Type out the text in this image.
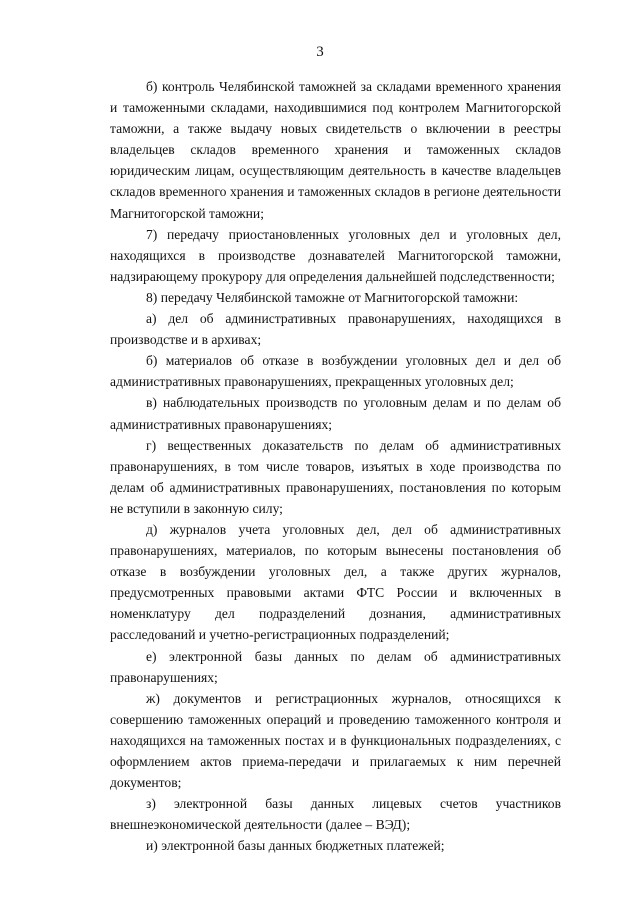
3

б) контроль Челябинской таможней за складами временного хранения и таможенными складами, находившимися под контролем Магнитогорской таможни, а также выдачу новых свидетельств о включении в реестры владельцев складов временного хранения и таможенных складов юридическим лицам, осуществляющим деятельность в качестве владельцев складов временного хранения и таможенных складов в регионе деятельности Магнитогорской таможни;

7) передачу приостановленных уголовных дел и уголовных дел, находящихся в производстве дознавателей Магнитогорской таможни, надзирающему прокурору для определения дальнейшей подследственности;

8) передачу Челябинской таможне от Магнитогорской таможни:

а) дел об административных правонарушениях, находящихся в производстве и в архивах;

б) материалов об отказе в возбуждении уголовных дел и дел об административных правонарушениях, прекращенных уголовных дел;

в) наблюдательных производств по уголовным делам и по делам об административных правонарушениях;

г) вещественных доказательств по делам об административных правонарушениях, в том числе товаров, изъятых в ходе производства по делам об административных правонарушениях, постановления по которым не вступили в законную силу;

д) журналов учета уголовных дел, дел об административных правонарушениях, материалов, по которым вынесены постановления об отказе в возбуждении уголовных дел, а также других журналов, предусмотренных правовыми актами ФТС России и включенных в номенклатуру дел подразделений дознания, административных расследований и учетно-регистрационных подразделений;

е) электронной базы данных по делам об административных правонарушениях;

ж) документов и регистрационных журналов, относящихся к совершению таможенных операций и проведению таможенного контроля и находящихся на таможенных постах и в функциональных подразделениях, с оформлением актов приема-передачи и прилагаемых к ним перечней документов;

з) электронной базы данных лицевых счетов участников внешнеэкономической деятельности (далее – ВЭД);

и) электронной базы данных бюджетных платежей;
